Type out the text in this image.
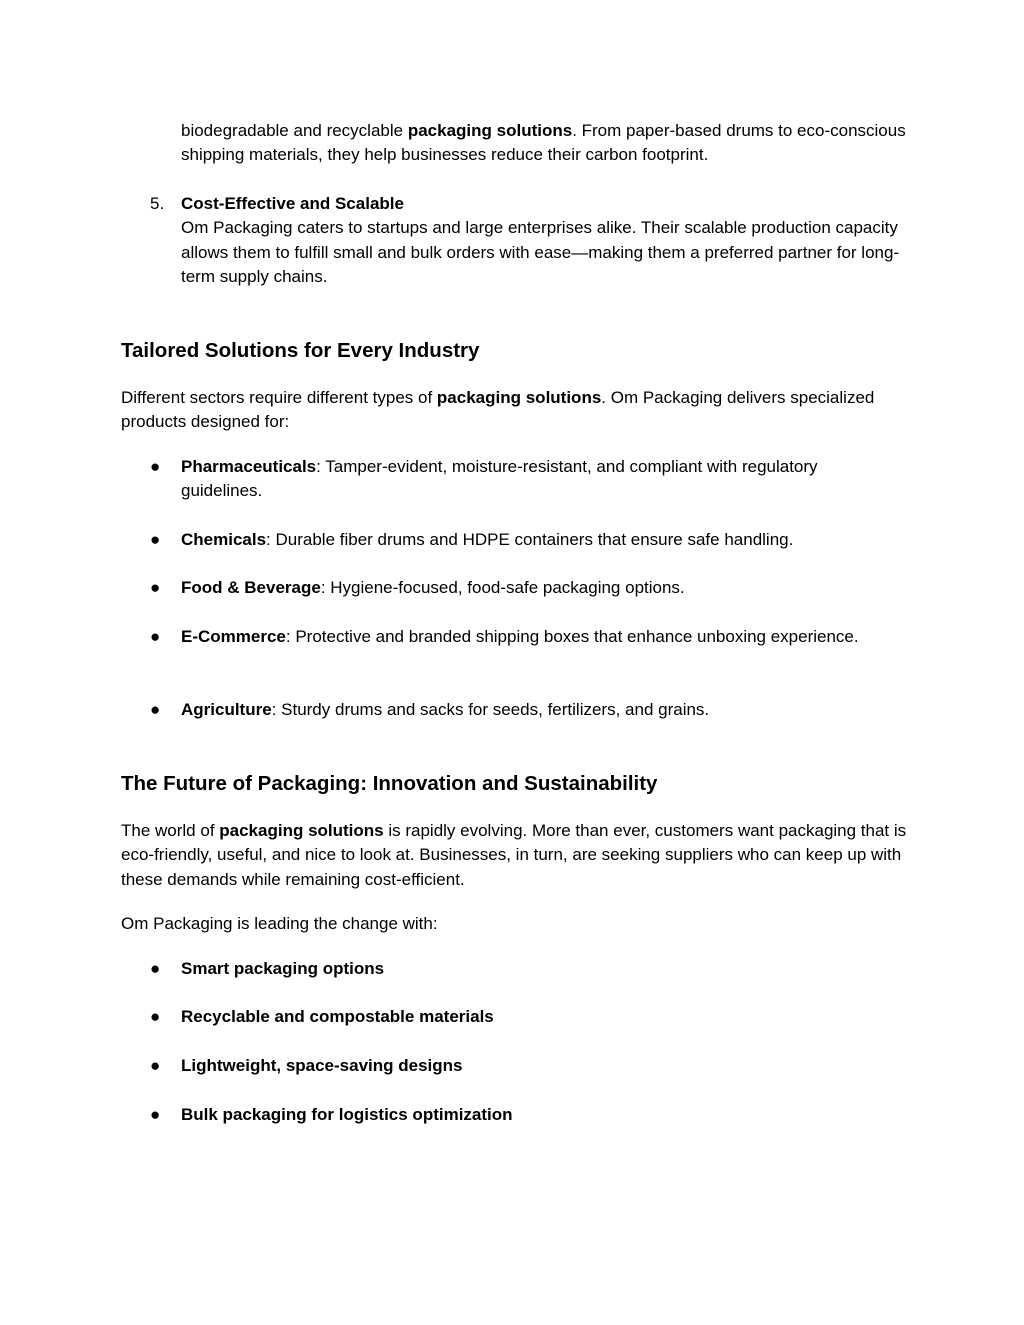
biodegradable and recyclable packaging solutions. From paper-based drums to eco-conscious shipping materials, they help businesses reduce their carbon footprint.

5. Cost-Effective and Scalable
Om Packaging caters to startups and large enterprises alike. Their scalable production capacity allows them to fulfill small and bulk orders with ease—making them a preferred partner for long-term supply chains.
Tailored Solutions for Every Industry

Different sectors require different types of packaging solutions. Om Packaging delivers specialized products designed for:

● Pharmaceuticals: Tamper-evident, moisture-resistant, and compliant with regulatory guidelines.
● Chemicals: Durable fiber drums and HDPE containers that ensure safe handling.
● Food & Beverage: Hygiene-focused, food-safe packaging options.
● E-Commerce: Protective and branded shipping boxes that enhance unboxing experience.
● Agriculture: Sturdy drums and sacks for seeds, fertilizers, and grains.
The Future of Packaging: Innovation and Sustainability

The world of packaging solutions is rapidly evolving. More than ever, customers want packaging that is eco-friendly, useful, and nice to look at. Businesses, in turn, are seeking suppliers who can keep up with these demands while remaining cost-efficient.

Om Packaging is leading the change with:

● Smart packaging options
● Recyclable and compostable materials
● Lightweight, space-saving designs
● Bulk packaging for logistics optimization
